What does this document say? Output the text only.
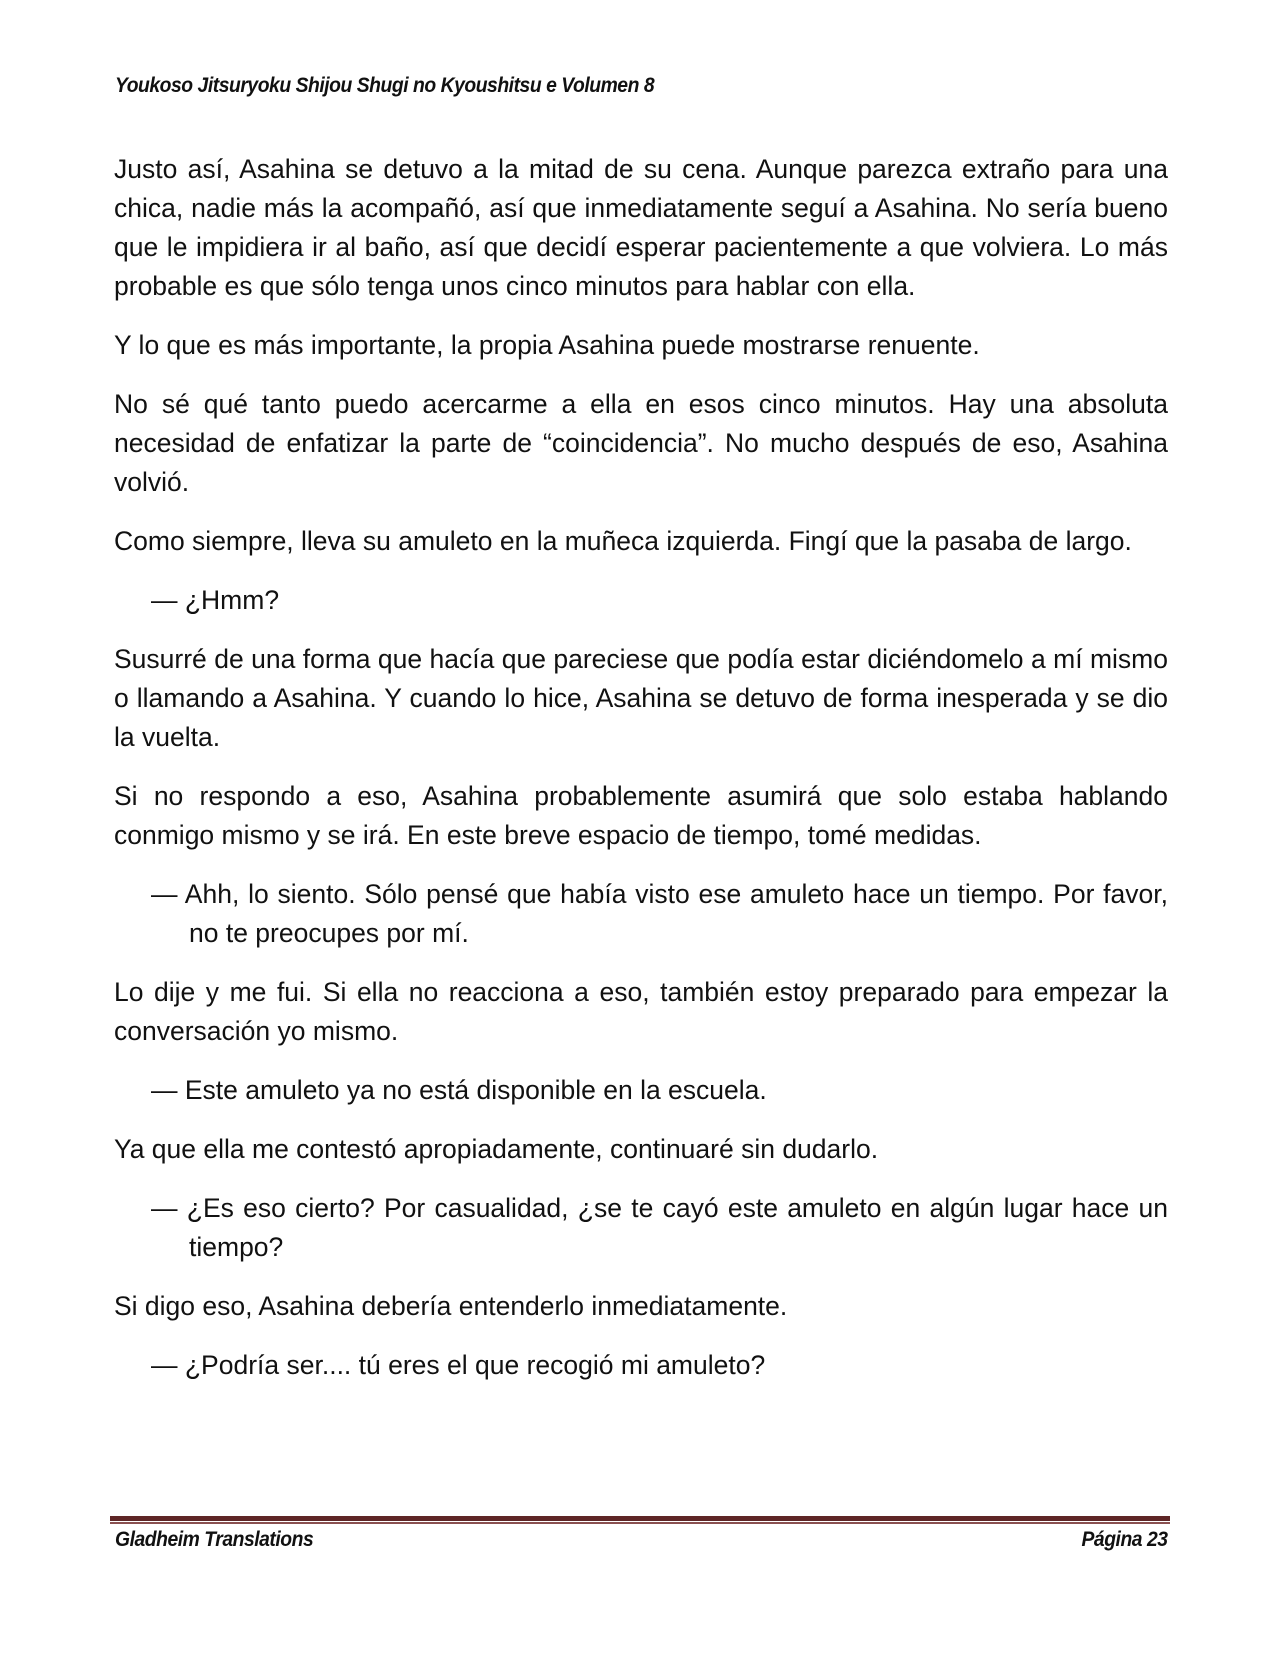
Youkoso Jitsuryoku Shijou Shugi no Kyoushitsu e Volumen 8

Justo así, Asahina se detuvo a la mitad de su cena. Aunque parezca extraño para una chica, nadie más la acompañó, así que inmediatamente seguí a Asahina. No sería bueno que le impidiera ir al baño, así que decidí esperar pacientemente a que volviera. Lo más probable es que sólo tenga unos cinco minutos para hablar con ella.

Y lo que es más importante, la propia Asahina puede mostrarse renuente.

No sé qué tanto puedo acercarme a ella en esos cinco minutos. Hay una absoluta necesidad de enfatizar la parte de “coincidencia”. No mucho después de eso, Asahina volvió.

Como siempre, lleva su amuleto en la muñeca izquierda. Fingí que la pasaba de largo.

— ¿Hmm?

Susurré de una forma que hacía que pareciese que podía estar diciéndomelo a mí mismo o llamando a Asahina. Y cuando lo hice, Asahina se detuvo de forma inesperada y se dio la vuelta.

Si no respondo a eso, Asahina probablemente asumirá que solo estaba hablando conmigo mismo y se irá. En este breve espacio de tiempo, tomé medidas.

— Ahh, lo siento. Sólo pensé que había visto ese amuleto hace un tiempo. Por favor, no te preocupes por mí.

Lo dije y me fui. Si ella no reacciona a eso, también estoy preparado para empezar la conversación yo mismo.

— Este amuleto ya no está disponible en la escuela.

Ya que ella me contestó apropiadamente, continuaré sin dudarlo.

— ¿Es eso cierto? Por casualidad, ¿se te cayó este amuleto en algún lugar hace un tiempo?

Si digo eso, Asahina debería entenderlo inmediatamente.

— ¿Podría ser.... tú eres el que recogió mi amuleto?

Gladheim Translations	Página 23
